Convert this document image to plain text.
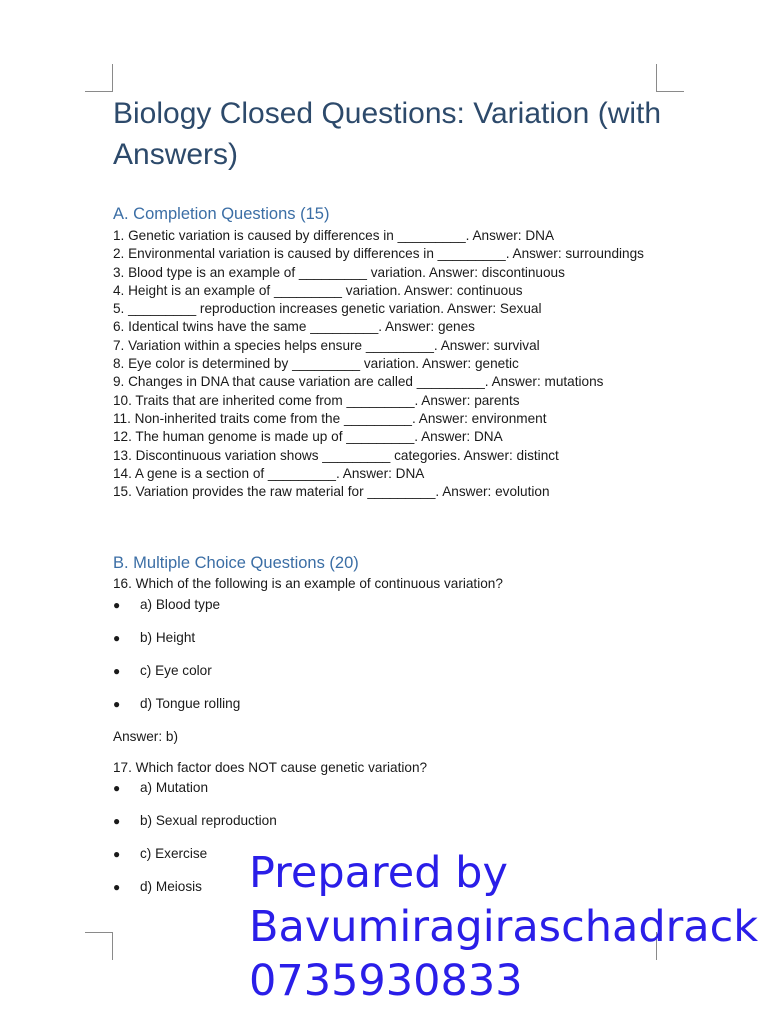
Biology Closed Questions: Variation (with Answers)
A. Completion Questions (15)
1. Genetic variation is caused by differences in _________. Answer: DNA
2. Environmental variation is caused by differences in _________. Answer: surroundings
3. Blood type is an example of _________ variation. Answer: discontinuous
4. Height is an example of _________ variation. Answer: continuous
5. _________ reproduction increases genetic variation. Answer: Sexual
6. Identical twins have the same _________. Answer: genes
7. Variation within a species helps ensure _________. Answer: survival
8. Eye color is determined by _________ variation. Answer: genetic
9. Changes in DNA that cause variation are called _________. Answer: mutations
10. Traits that are inherited come from _________. Answer: parents
11. Non-inherited traits come from the _________. Answer: environment
12. The human genome is made up of _________. Answer: DNA
13. Discontinuous variation shows _________ categories. Answer: distinct
14. A gene is a section of _________. Answer: DNA
15. Variation provides the raw material for _________. Answer: evolution
B. Multiple Choice Questions (20)
16. Which of the following is an example of continuous variation?
● a) Blood type
● b) Height
● c) Eye color
● d) Tongue rolling
Answer: b)
17. Which factor does NOT cause genetic variation?
● a) Mutation
● b) Sexual reproduction
● c) Exercise
● d) Meiosis	Prepared by
Bavumiragiraschadrack
0735930833
